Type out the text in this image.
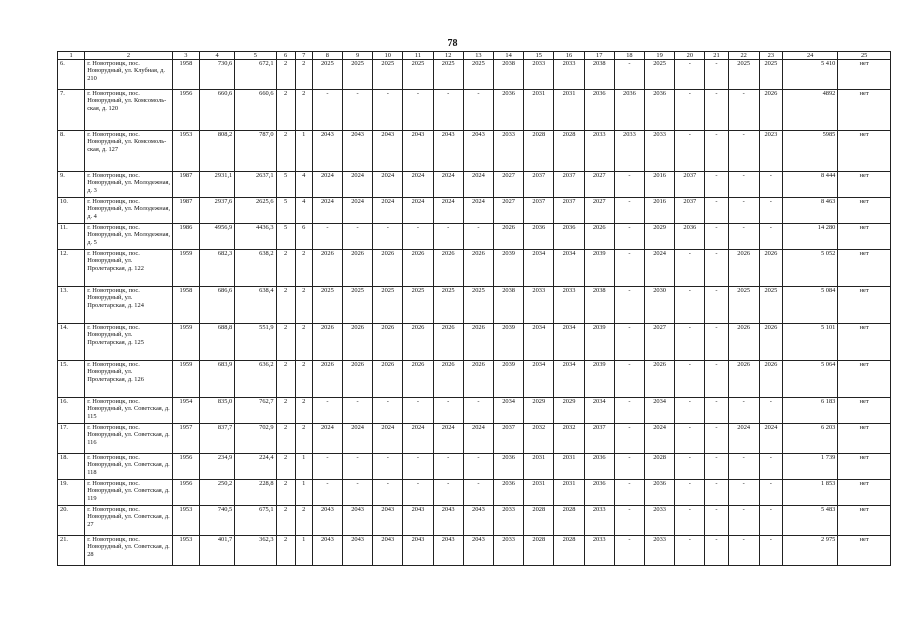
78
1	2	3	4	5	6	7	8	9	10	11	12	13	14	15	16	17	18	19	20	21	22	23	24	25
6.	г. Новотроицк, пос. Новорудный, ул. Клубная, д. 210	1958	730,6	672,1	2	2	2025	2025	2025	2025	2025	2025	2038	2033	2033	2038	-	2025	-	-	2025	2025	5 410	нет
7.	г. Новотроицк, пос. Новорудный, ул. Комсомоль-ская, д. 120	1956	660,6	660,6	2	2	-	-	-	-	-	-	2036	2031	2031	2036	2036	2036	-	-	-	2026	4892	нет
8.	г. Новотроицк, пос. Новорудный, ул. Комсомоль-ская, д. 127	1953	808,2	787,0	2	1	2043	2043	2043	2043	2043	2043	2033	2028	2028	2033	2033	2033	-	-	-	2023	5985	нет
9.	г. Новотроицк, пос. Новорудный, ул. Молодежная, д. 3	1987	2931,1	2637,1	5	4	2024	2024	2024	2024	2024	2024	2027	2037	2037	2027	-	2016	2037	-	-	-	8 444	нет
10.	г. Новотроицк, пос. Новорудный, ул. Молодежная, д. 4	1987	2937,6	2625,6	5	4	2024	2024	2024	2024	2024	2024	2027	2037	2037	2027	-	2016	2037	-	-	-	8 463	нет
11.	г. Новотроицк, пос. Новорудный, ул. Молодежная, д. 5	1986	4956,9	4436,3	5	6	-	-	-	-	-	-	2026	2036	2036	2026	-	2029	2036	-	-	-	14 280	нет
12.	г. Новотроицк, пос. Новорудный, ул. Пролетарская, д. 122	1959	682,3	638,2	2	2	2026	2026	2026	2026	2026	2026	2039	2034	2034	2039	-	2024	-	-	2026	2026	5 052	нет
13.	г. Новотроицк, пос. Новорудный, ул. Пролетарская, д. 124	1958	686,6	638,4	2	2	2025	2025	2025	2025	2025	2025	2038	2033	2033	2038	-	2030	-	-	2025	2025	5 084	нет
14.	г. Новотроицк, пос. Новорудный, ул. Пролетарская, д. 125	1959	688,8	551,9	2	2	2026	2026	2026	2026	2026	2026	2039	2034	2034	2039	-	2027	-	-	2026	2026	5 101	нет
15.	г. Новотроицк, пос. Новорудный, ул. Пролетарская, д. 126	1959	683,9	636,2	2	2	2026	2026	2026	2026	2026	2026	2039	2034	2034	2039	-	2026	-	-	2026	2026	5 064	нет
16.	г. Новотроицк, пос. Новорудный, ул. Советская, д. 115	1954	835,0	762,7	2	2	-	-	-	-	-	-	2034	2029	2029	2034	-	2034	-	-	-	-	6 183	нет
17.	г. Новотроицк, пос. Новорудный, ул. Советская, д. 116	1957	837,7	702,9	2	2	2024	2024	2024	2024	2024	2024	2037	2032	2032	2037	-	2024	-	-	2024	2024	6 203	нет
18.	г. Новотроицк, пос. Новорудный, ул. Советская, д. 118	1956	234,9	224,4	2	1	-	-	-	-	-	-	2036	2031	2031	2036	-	2028	-	-	-	-	1 739	нет
19.	г. Новотроицк, пос. Новорудный, ул. Советская, д. 119	1956	250,2	228,8	2	1	-	-	-	-	-	-	2036	2031	2031	2036	-	2036	-	-	-	-	1 853	нет
20.	г. Новотроицк, пос. Новорудный, ул. Советская, д. 27	1953	740,5	675,1	2	2	2043	2043	2043	2043	2043	2043	2033	2028	2028	2033	-	2033	-	-	-	-	5 483	нет
21.	г. Новотроицк, пос. Новорудный, ул. Советская, д. 28	1953	401,7	362,3	2	1	2043	2043	2043	2043	2043	2043	2033	2028	2028	2033	-	2033	-	-	-	-	2 975	нет
